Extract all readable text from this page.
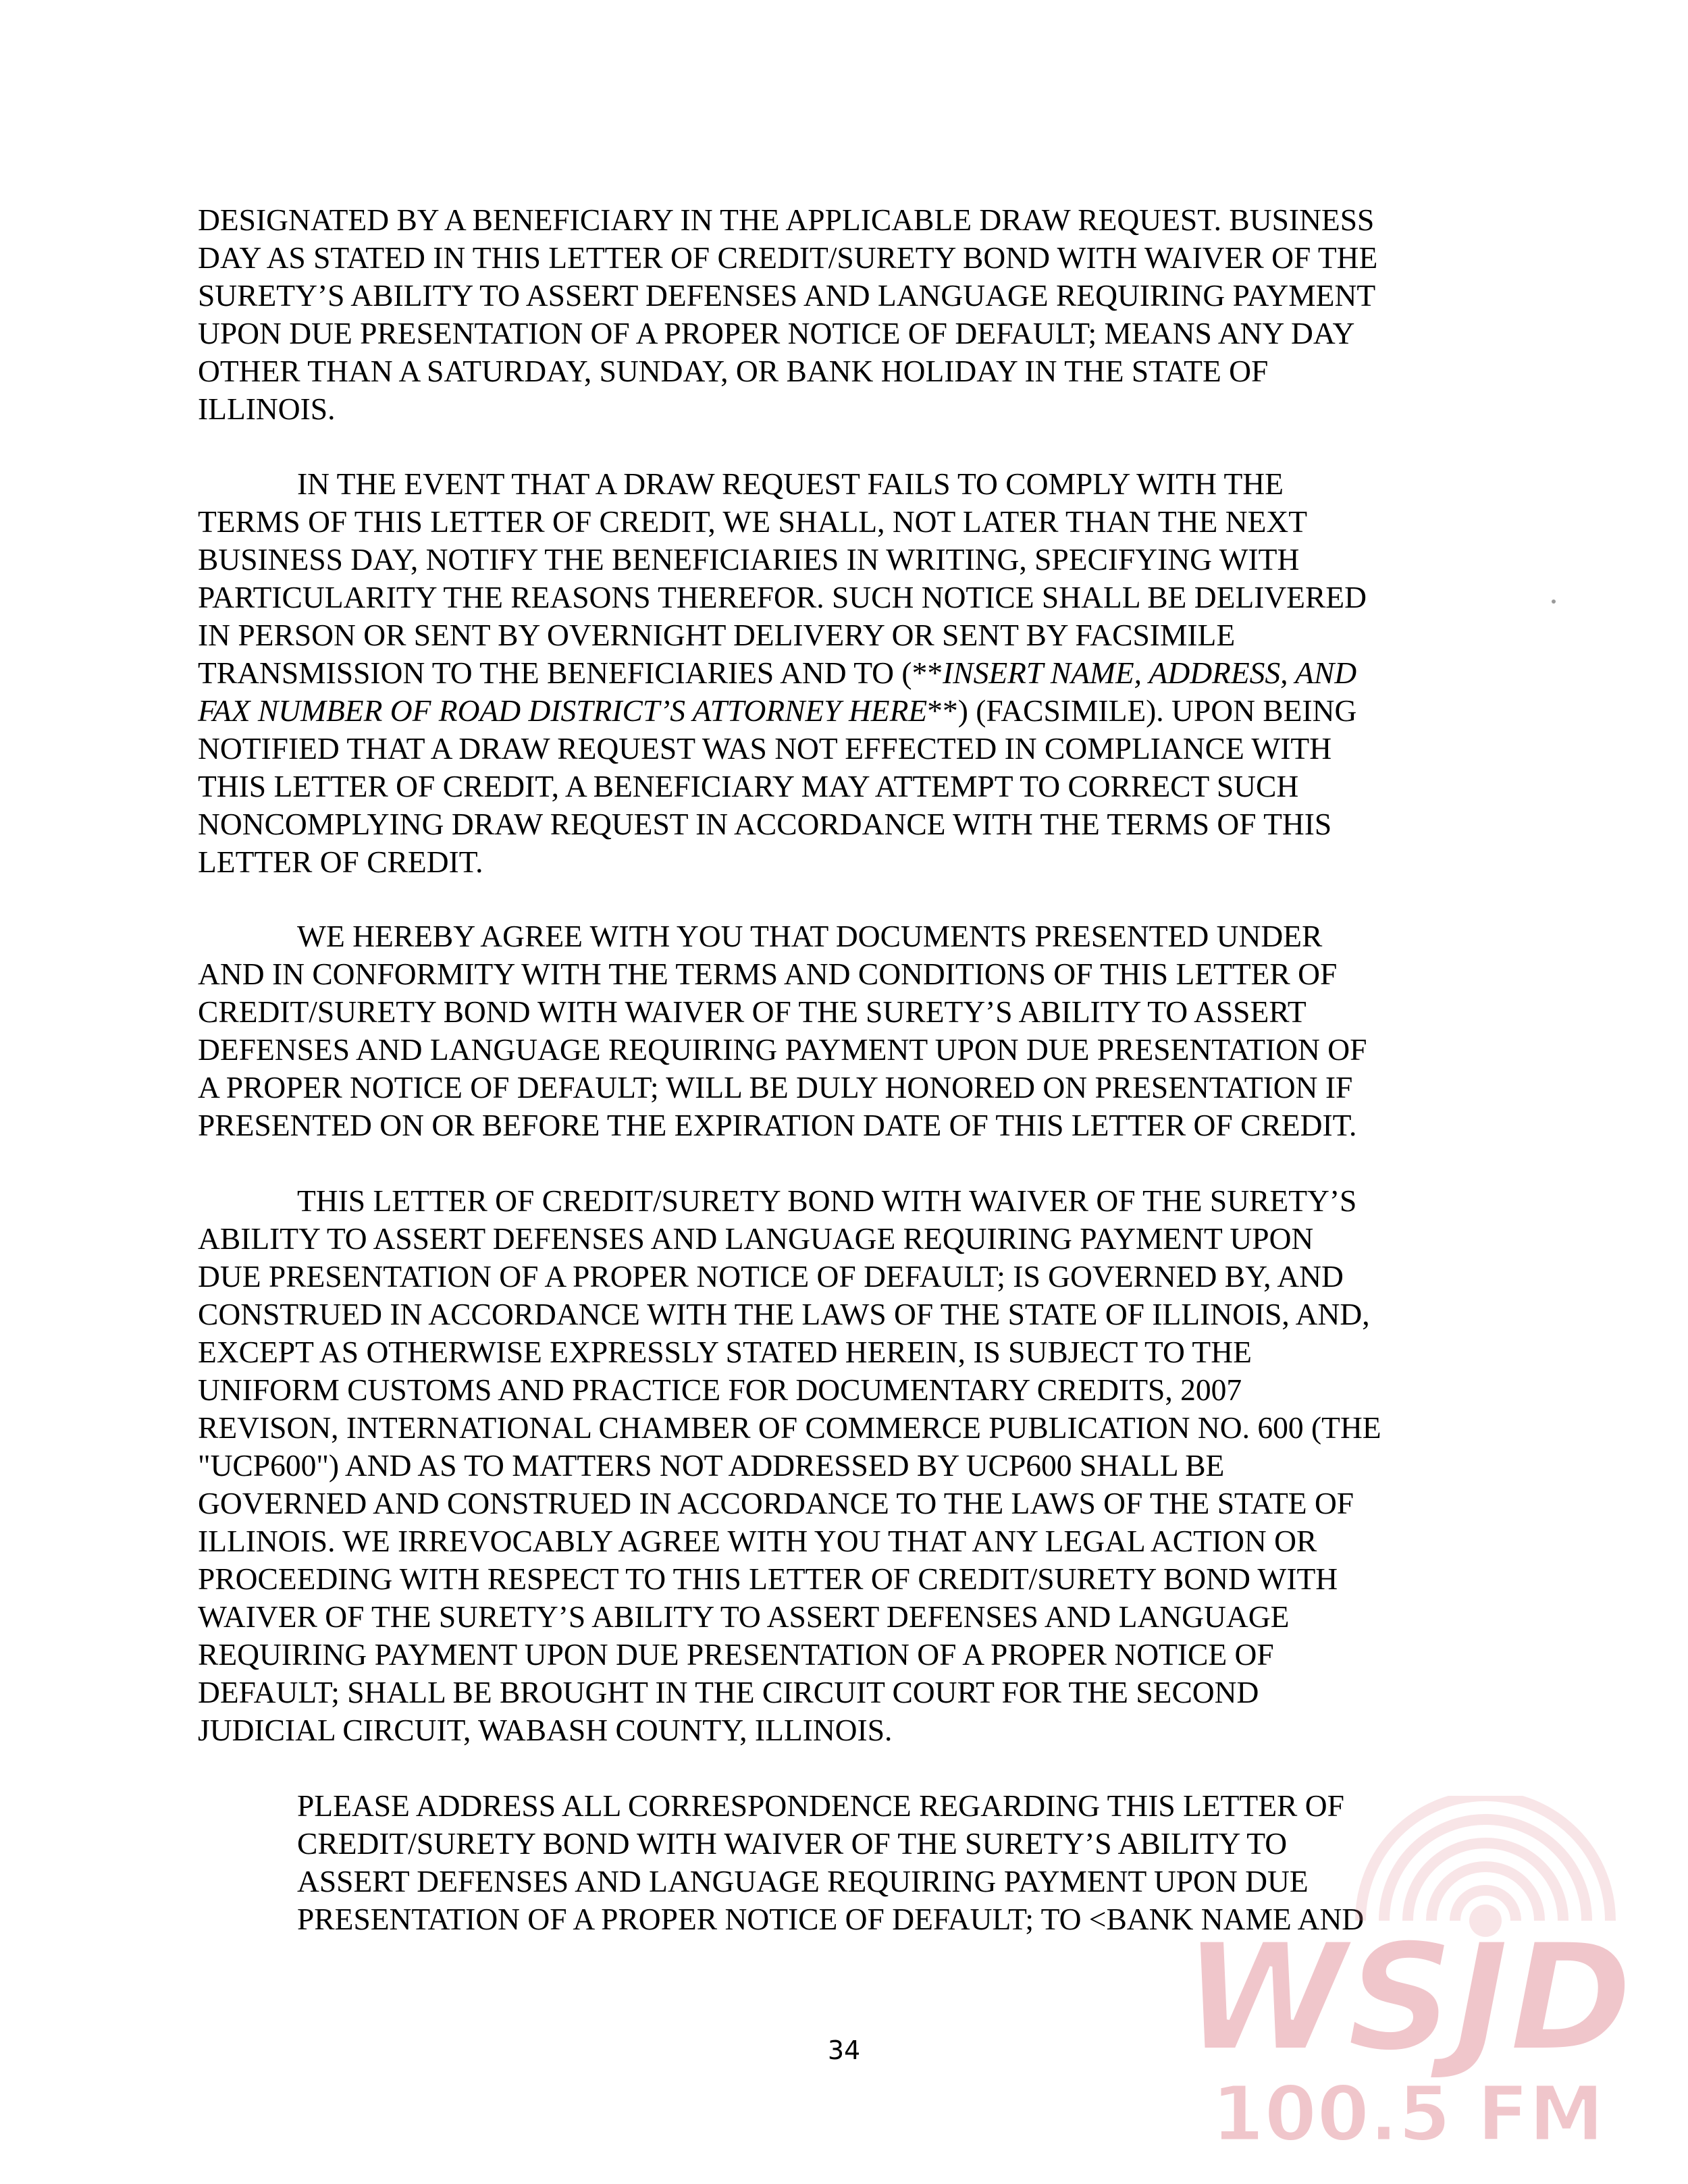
DESIGNATED BY A BENEFICIARY IN THE APPLICABLE DRAW REQUEST. BUSINESS
DAY AS STATED IN THIS LETTER OF CREDIT/SURETY BOND WITH WAIVER OF THE
SURETY’S ABILITY TO ASSERT DEFENSES AND LANGUAGE REQUIRING PAYMENT
UPON DUE PRESENTATION OF A PROPER NOTICE OF DEFAULT; MEANS ANY DAY
OTHER THAN A SATURDAY, SUNDAY, OR BANK HOLIDAY IN THE STATE OF
ILLINOIS.
IN THE EVENT THAT A DRAW REQUEST FAILS TO COMPLY WITH THE
TERMS OF THIS LETTER OF CREDIT, WE SHALL, NOT LATER THAN THE NEXT
BUSINESS DAY, NOTIFY THE BENEFICIARIES IN WRITING, SPECIFYING WITH
PARTICULARITY THE REASONS THEREFOR. SUCH NOTICE SHALL BE DELIVERED
IN PERSON OR SENT BY OVERNIGHT DELIVERY OR SENT BY FACSIMILE
TRANSMISSION TO THE BENEFICIARIES AND TO (**INSERT NAME, ADDRESS, AND
FAX NUMBER OF ROAD DISTRICT’S ATTORNEY HERE**) (FACSIMILE). UPON BEING
NOTIFIED THAT A DRAW REQUEST WAS NOT EFFECTED IN COMPLIANCE WITH
THIS LETTER OF CREDIT, A BENEFICIARY MAY ATTEMPT TO CORRECT SUCH
NONCOMPLYING DRAW REQUEST IN ACCORDANCE WITH THE TERMS OF THIS
LETTER OF CREDIT.
WE HEREBY AGREE WITH YOU THAT DOCUMENTS PRESENTED UNDER
AND IN CONFORMITY WITH THE TERMS AND CONDITIONS OF THIS LETTER OF
CREDIT/SURETY BOND WITH WAIVER OF THE SURETY’S ABILITY TO ASSERT
DEFENSES AND LANGUAGE REQUIRING PAYMENT UPON DUE PRESENTATION OF
A PROPER NOTICE OF DEFAULT; WILL BE DULY HONORED ON PRESENTATION IF
PRESENTED ON OR BEFORE THE EXPIRATION DATE OF THIS LETTER OF CREDIT.
THIS LETTER OF CREDIT/SURETY BOND WITH WAIVER OF THE SURETY’S
ABILITY TO ASSERT DEFENSES AND LANGUAGE REQUIRING PAYMENT UPON
DUE PRESENTATION OF A PROPER NOTICE OF DEFAULT; IS GOVERNED BY, AND
CONSTRUED IN ACCORDANCE WITH THE LAWS OF THE STATE OF ILLINOIS, AND,
EXCEPT AS OTHERWISE EXPRESSLY STATED HEREIN, IS SUBJECT TO THE
UNIFORM CUSTOMS AND PRACTICE FOR DOCUMENTARY CREDITS, 2007
REVISON, INTERNATIONAL CHAMBER OF COMMERCE PUBLICATION NO. 600 (THE
"UCP600") AND AS TO MATTERS NOT ADDRESSED BY UCP600 SHALL BE
GOVERNED AND CONSTRUED IN ACCORDANCE TO THE LAWS OF THE STATE OF
ILLINOIS. WE IRREVOCABLY AGREE WITH YOU THAT ANY LEGAL ACTION OR
PROCEEDING WITH RESPECT TO THIS LETTER OF CREDIT/SURETY BOND WITH
WAIVER OF THE SURETY’S ABILITY TO ASSERT DEFENSES AND LANGUAGE
REQUIRING PAYMENT UPON DUE PRESENTATION OF A PROPER NOTICE OF
DEFAULT; SHALL BE BROUGHT IN THE CIRCUIT COURT FOR THE SECOND
JUDICIAL CIRCUIT, WABASH COUNTY, ILLINOIS.
PLEASE ADDRESS ALL CORRESPONDENCE REGARDING THIS LETTER OF
CREDIT/SURETY BOND WITH WAIVER OF THE SURETY’S ABILITY TO
ASSERT DEFENSES AND LANGUAGE REQUIRING PAYMENT UPON DUE
PRESENTATION OF A PROPER NOTICE OF DEFAULT; TO <BANK NAME AND
34	WSJD
100.5 FM
